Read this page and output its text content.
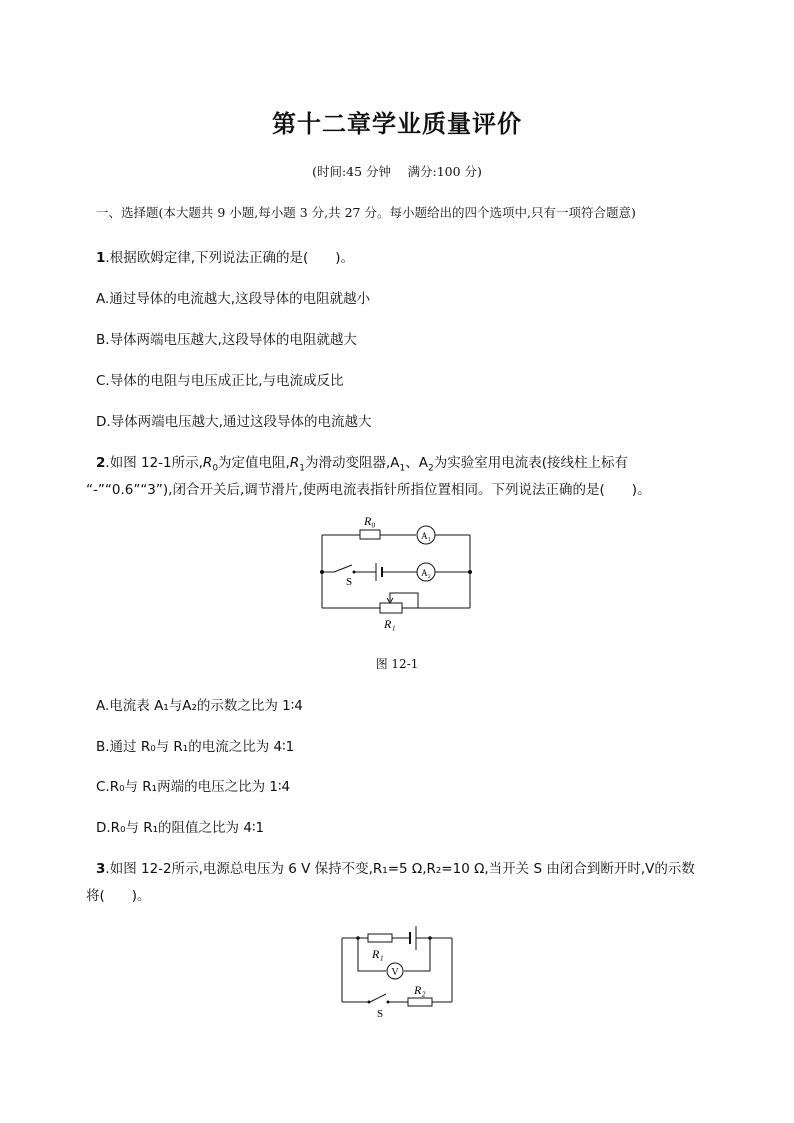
第十二章学业质量评价
(时间:45 分钟　 满分:100 分)
一、选择题(本大题共 9 小题,每小题 3 分,共 27 分。每小题给出的四个选项中,只有一项符合题意)
1.根据欧姆定律,下列说法正确的是(　　)。
A.通过导体的电流越大,这段导体的电阻就越小
B.导体两端电压越大,这段导体的电阻就越大
C.导体的电阻与电压成正比,与电流成反比
D.导体两端电压越大,通过这段导体的电流越大
2.如图 12-1所示$,R_0$为定值电阻$,R_1$为滑动变阻器$,A_1$、$A_2$为实验室用电流表(接线柱上标有
“-”“0.6”“3”),闭合开关后,调节滑片,使两电流表指针所指位置相同。下列说法正确的是(　　)。
R₀
A₁
A₂
S
R₁
图 12-1
A.电流表 A₁与A₂的示数之比为 1∶4
B.通过 R₀与 R₁的电流之比为 4∶1
C.R₀与 R₁两端的电压之比为 1∶4
D.R₀与 R₁的阻值之比为 4∶1
3.如图 12-2所示,电源总电压为 6 V 保持不变,R₁=5 Ω,R₂=10 Ω,当开关 S 由闭合到断开时,V的示数
将(　　)。
R₁
V
R₂
S
